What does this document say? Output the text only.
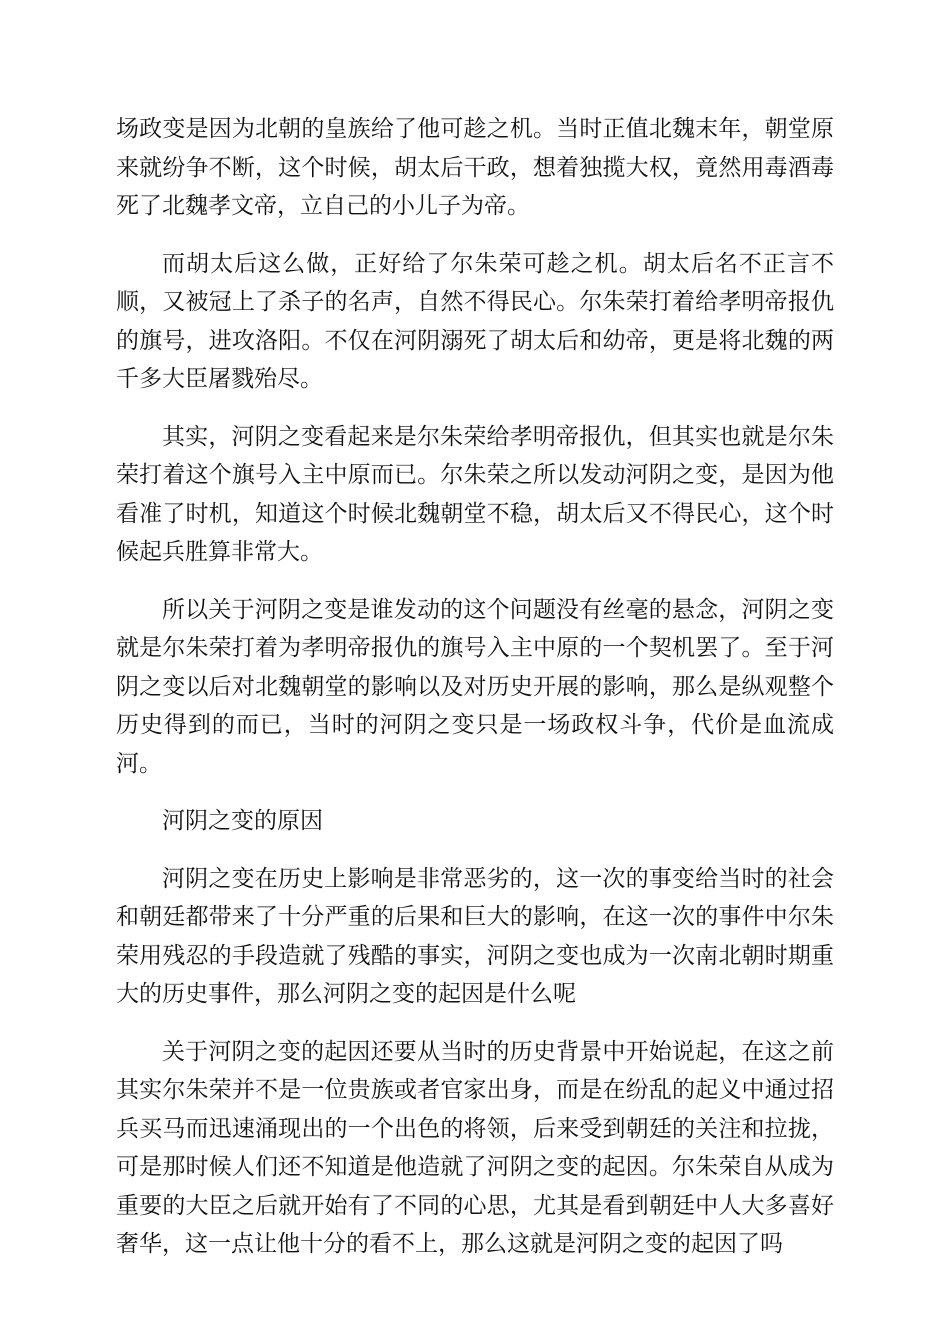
场政变是因为北朝的皇族给了他可趁之机。当时正值北魏末年，朝堂原来就纷争不断，这个时候，胡太后干政，想着独揽大权，竟然用毒酒毒死了北魏孝文帝，立自己的小儿子为帝。

而胡太后这么做，正好给了尔朱荣可趁之机。胡太后名不正言不顺，又被冠上了杀子的名声，自然不得民心。尔朱荣打着给孝明帝报仇的旗号，进攻洛阳。不仅在河阴溺死了胡太后和幼帝，更是将北魏的两千多大臣屠戮殆尽。

其实，河阴之变看起来是尔朱荣给孝明帝报仇，但其实也就是尔朱荣打着这个旗号入主中原而已。尔朱荣之所以发动河阴之变，是因为他看准了时机，知道这个时候北魏朝堂不稳，胡太后又不得民心，这个时候起兵胜算非常大。

所以关于河阴之变是谁发动的这个问题没有丝毫的悬念，河阴之变就是尔朱荣打着为孝明帝报仇的旗号入主中原的一个契机罢了。至于河阴之变以后对北魏朝堂的影响以及对历史开展的影响，那么是纵观整个历史得到的而已，当时的河阴之变只是一场政权斗争，代价是血流成河。

河阴之变的原因

河阴之变在历史上影响是非常恶劣的，这一次的事变给当时的社会和朝廷都带来了十分严重的后果和巨大的影响，在这一次的事件中尔朱荣用残忍的手段造就了残酷的事实，河阴之变也成为一次南北朝时期重大的历史事件，那么河阴之变的起因是什么呢

关于河阴之变的起因还要从当时的历史背景中开始说起，在这之前其实尔朱荣并不是一位贵族或者官家出身，而是在纷乱的起义中通过招兵买马而迅速涌现出的一个出色的将领，后来受到朝廷的关注和拉拢，可是那时候人们还不知道是他造就了河阴之变的起因。尔朱荣自从成为重要的大臣之后就开始有了不同的心思，尤其是看到朝廷中人大多喜好奢华，这一点让他十分的看不上，那么这就是河阴之变的起因了吗
